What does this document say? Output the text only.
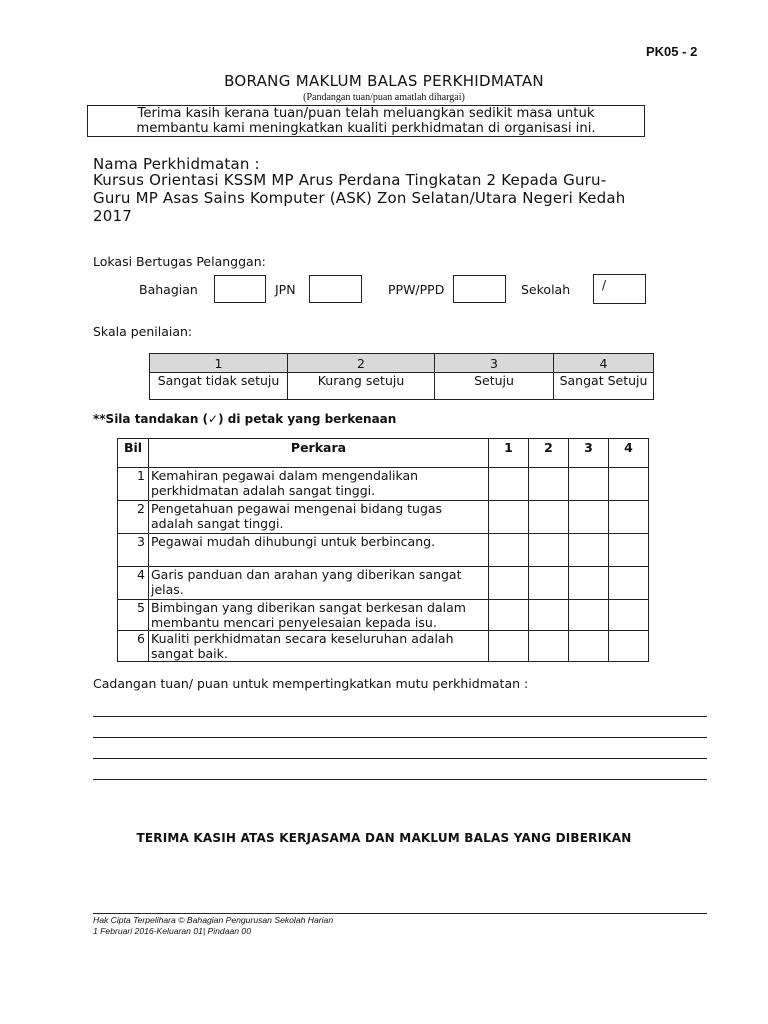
PK05 - 2
BORANG MAKLUM BALAS PERKHIDMATAN
(Pandangan tuan/puan amatlah dihargai)
Terima kasih kerana tuan/puan telah meluangkan sedikit masa untuk
membantu kami meningkatkan kualiti perkhidmatan di organisasi ini.
Nama Perkhidmatan :
Kursus Orientasi KSSM MP Arus Perdana Tingkatan 2 Kepada Guru-
Guru MP Asas Sains Komputer (ASK) Zon Selatan/Utara Negeri Kedah
2017
Lokasi Bertugas Pelanggan:
Bahagian	JPN	PPW/PPD	Sekolah	/
Skala penilaian:
1	2	3	4
Sangat tidak setuju	Kurang setuju	Setuju	Sangat Setuju
**Sila tandakan (✓) di petak yang berkenaan
Bil	Perkara	1	2	3	4
1	Kemahiran pegawai dalam mengendalikan
perkhidmatan adalah sangat tinggi.				

2	Pengetahuan pegawai mengenai bidang tugas
adalah sangat tinggi.				

3	Pegawai mudah dihubungi untuk berbincang.				

4	Garis panduan dan arahan yang diberikan sangat
jelas.				

5	Bimbingan yang diberikan sangat berkesan dalam
membantu mencari penyelesaian kepada isu.				

6	Kualiti perkhidmatan secara keseluruhan adalah
sangat baik.				

Cadangan tuan/ puan untuk mempertingkatkan mutu perkhidmatan :
TERIMA KASIH ATAS KERJASAMA DAN MAKLUM BALAS YANG DIBERIKAN
Hak Cipta Terpelihara © Bahagian Pengurusan Sekolah Harian
1 Februari 2016-Keluaran 01| Pindaan 00
